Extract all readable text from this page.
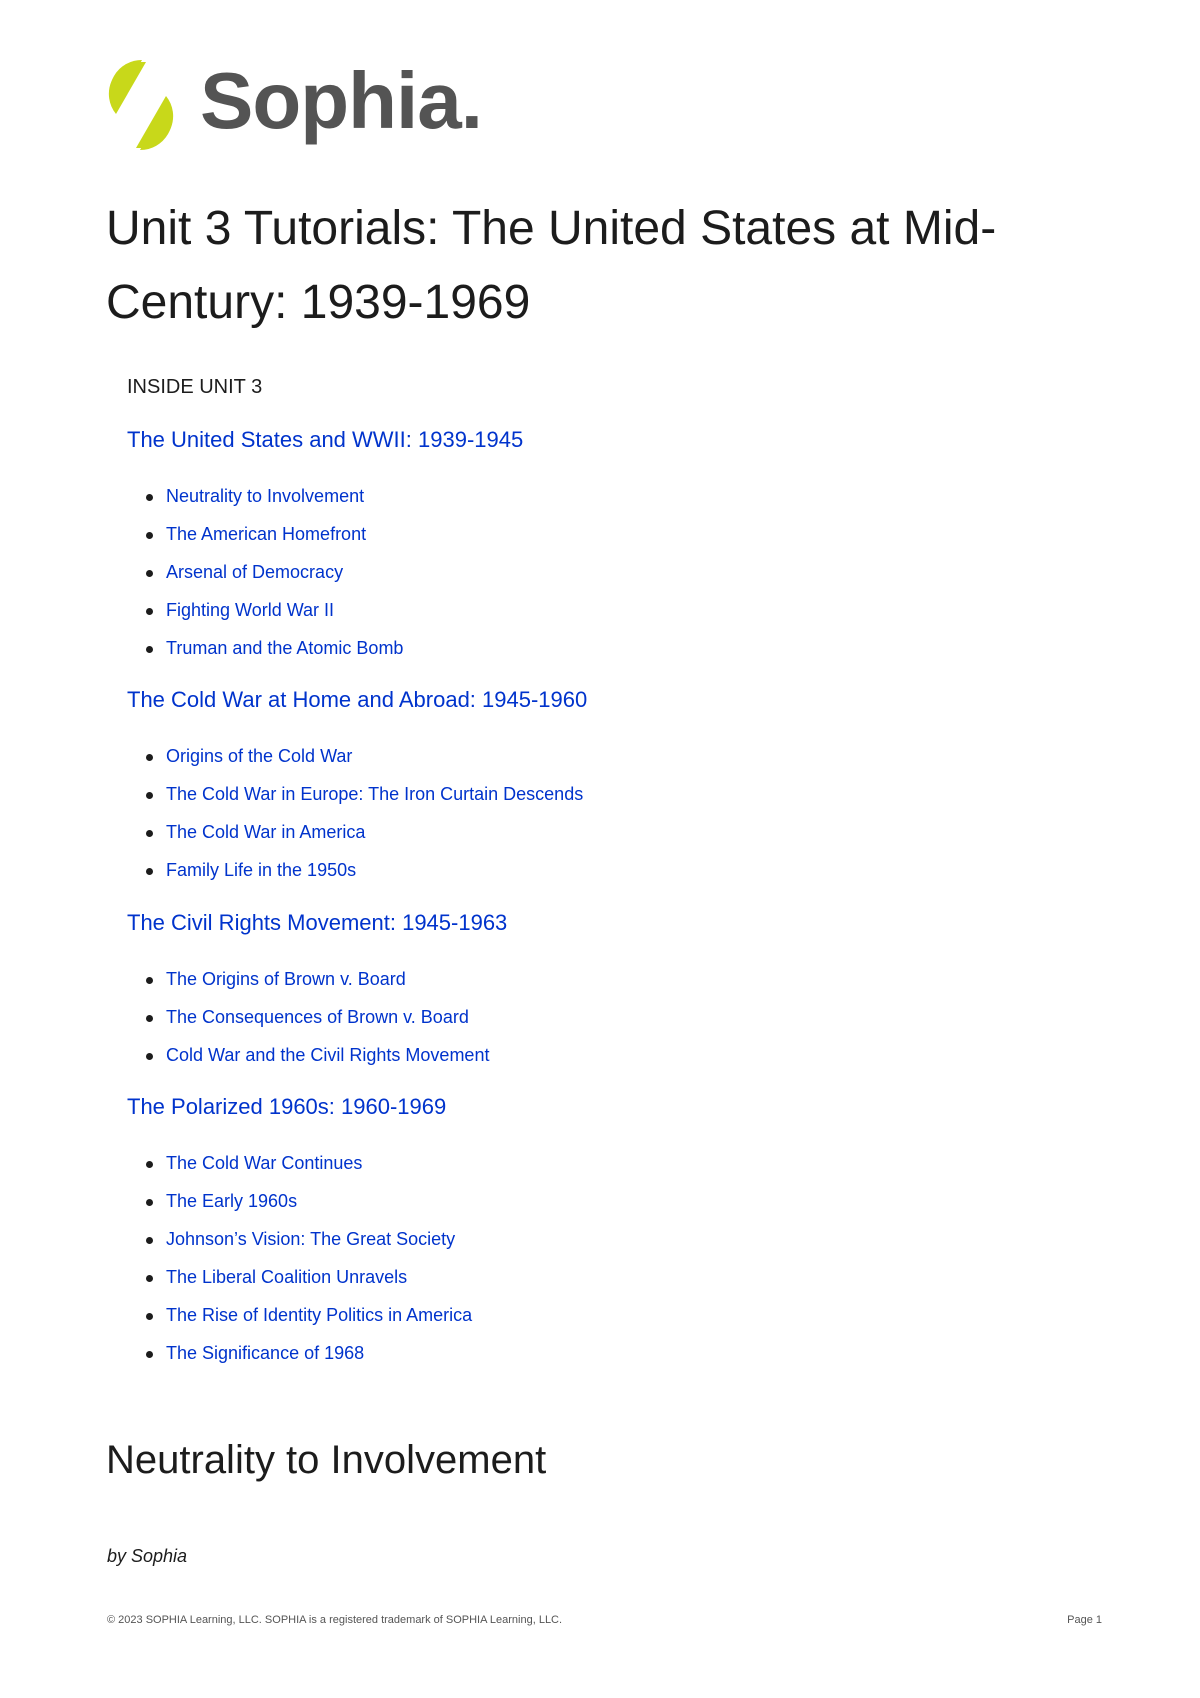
Sophia.
Unit 3 Tutorials: The United States at Mid-Century: 1939-1969
INSIDE UNIT 3
The United States and WWII: 1939-1945
Neutrality to Involvement
The American Homefront
Arsenal of Democracy
Fighting World War II
Truman and the Atomic Bomb
The Cold War at Home and Abroad: 1945-1960
Origins of the Cold War
The Cold War in Europe: The Iron Curtain Descends
The Cold War in America
Family Life in the 1950s
The Civil Rights Movement: 1945-1963
The Origins of Brown v. Board
The Consequences of Brown v. Board
Cold War and the Civil Rights Movement
The Polarized 1960s: 1960-1969
The Cold War Continues
The Early 1960s
Johnson’s Vision: The Great Society
The Liberal Coalition Unravels
The Rise of Identity Politics in America
The Significance of 1968
Neutrality to Involvement
by Sophia
© 2023 SOPHIA Learning, LLC. SOPHIA is a registered trademark of SOPHIA Learning, LLC.	Page 1
